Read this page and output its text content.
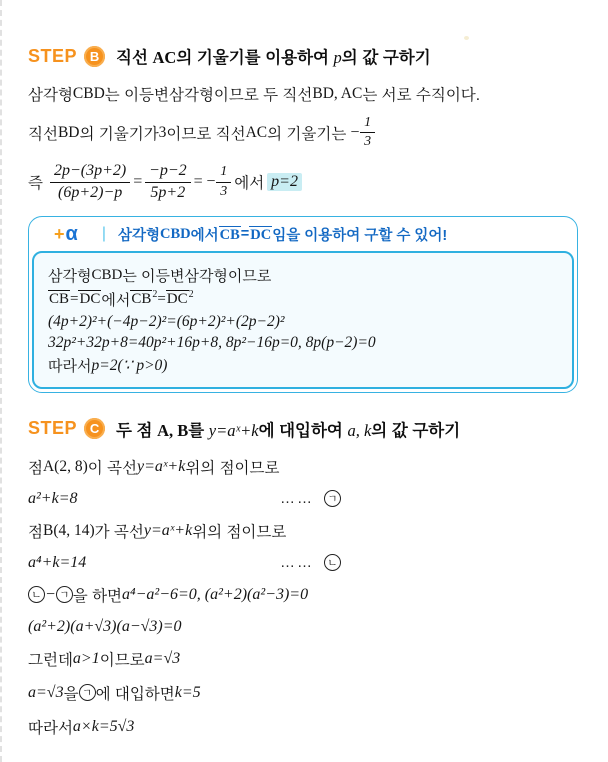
STEP B	직선 AC의 기울기를 이용하여 p의 값 구하기
삼각형 CBD 는 이등변삼각형이므로 두 직선 BD, AC 는 서로 수직이다.
직선 BD 의 기울기가 3 이므로 직선 AC 의 기울기는 − $\frac{1}{3}$
즉 $\frac{2p-(3p+2)}{(6p+2)-p} = \frac{-p-2}{5p+2}$ = − $\frac{1}{3}$ 에서 p=2
+ α | 삼각형 CBD 에서 CB = DC 임을 이용하여 구할 수 있어!
삼각형 CBD 는 이등변삼각형이므로
CB=DC 에서 $CB^2=DC^2$
(4p+2)²+(−4p−2)²=(6p+2)²+(2p−2)²
32p²+32p+8=40p²+16p+8, 8p²−16p=0, 8p(p−2)=0
따라서 p=2(∵ p>0)
STEP C	두 점 A, B를 y=aˣ+k에 대입하여 a, k의 값 구하기
점 A(2, 8) 이 곡선 y=aˣ+k 위의 점이므로
a²+k=8	……	ㄱ
점 B(4, 14) 가 곡선 y=aˣ+k 위의 점이므로
a⁴+k=14	……	ㄴ
ㄴ − ㄱ 을 하면 a⁴−a²−6=0, (a²+2)(a²−3)=0
(a²+2)(a+√3)(a−√3)=0
그런데 a>1 이므로 a=√3
a=√3 을 ㄱ 에 대입하면 k=5
따라서 a×k=5√3
